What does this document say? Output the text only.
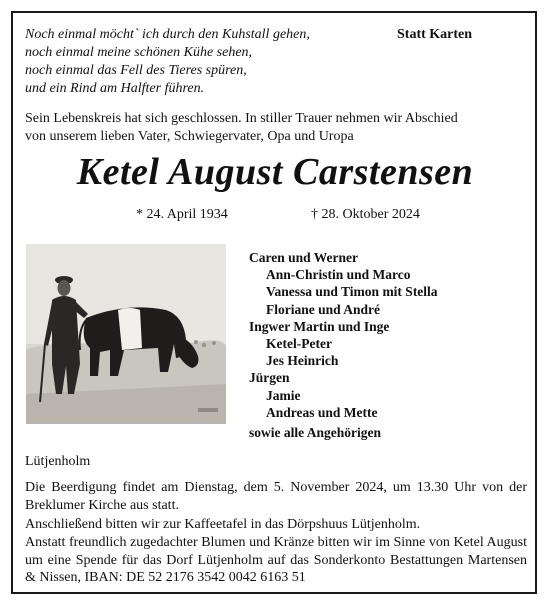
Noch einmal möcht` ich durch den Kuhstall gehen,
noch einmal meine schönen Kühe sehen,
noch einmal das Fell des Tieres spüren,
und ein Rind am Halfter führen.
Statt Karten
Sein Lebenskreis hat sich geschlossen. In stiller Trauer nehmen wir Abschied
von unserem lieben Vater, Schwiegervater, Opa und Uropa
Ketel August Carstensen
* 24. April 1934	† 28. Oktober 2024
Caren und Werner
Ann-Christin und Marco
Vanessa und Timon mit Stella
Floriane und André
Ingwer Martin und Inge
Ketel-Peter
Jes Heinrich
Jürgen
Jamie
Andreas und Mette
sowie alle Angehörigen
Lütjenholm
Die Beerdigung findet am Dienstag, dem 5. November 2024, um 13.30 Uhr von der Breklumer Kirche aus statt.
Anschließend bitten wir zur Kaffeetafel in das Dörpshuus Lütjenholm.
Anstatt freundlich zugedachter Blumen und Kränze bitten wir im Sinne von Ketel August um eine Spende für das Dorf Lütjenholm auf das Sonderkonto Bestattungen Martensen & Nissen, IBAN: DE 52 2176 3542 0042 6163 51
